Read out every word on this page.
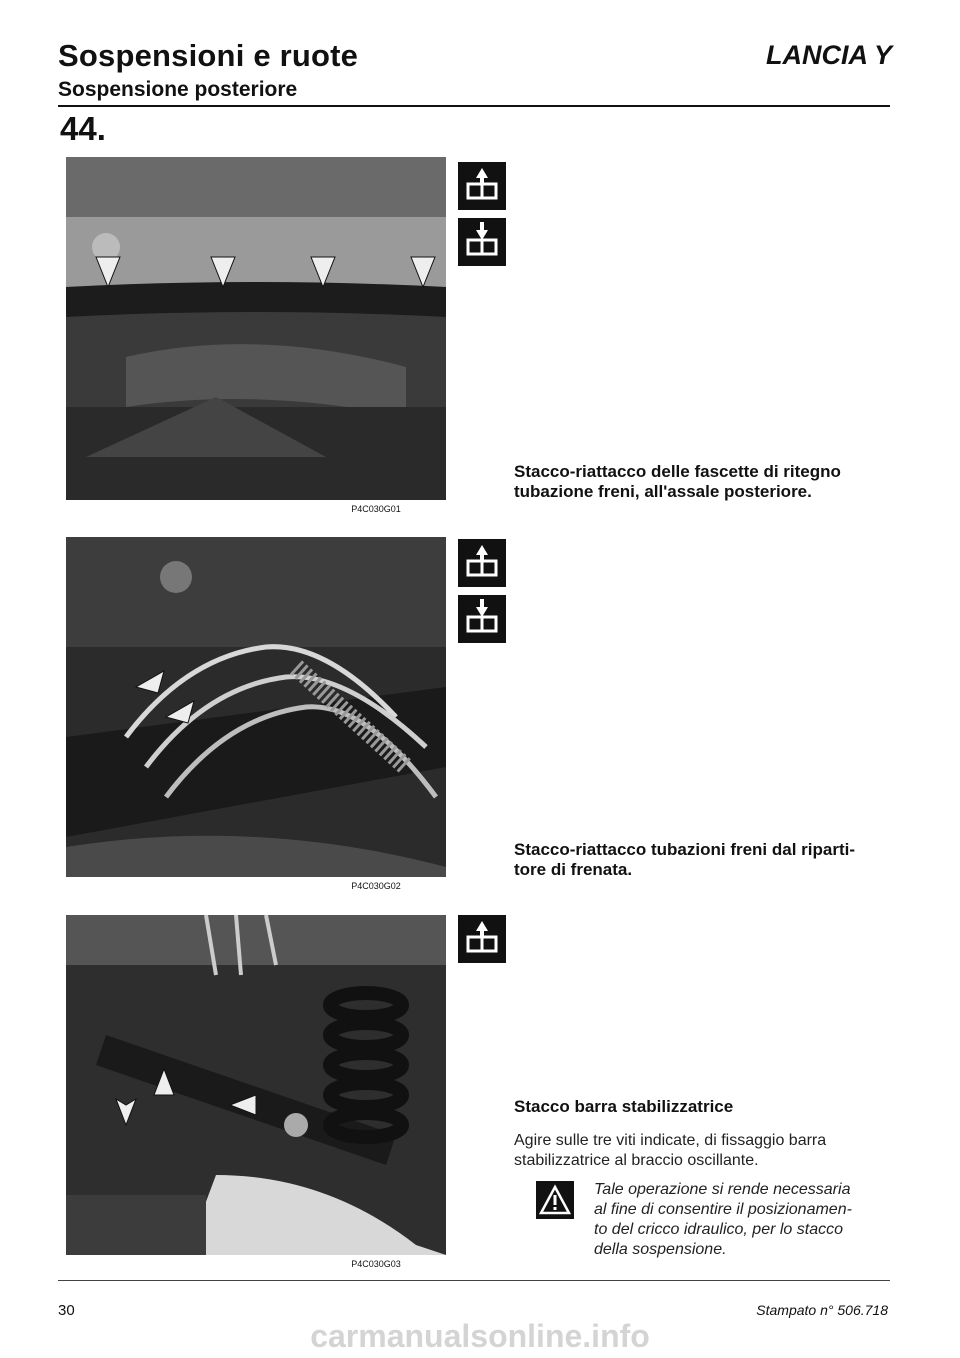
Sospensioni e ruote
Sospensione posteriore
LANCIA Y
44.
P4C030G01
Stacco-riattacco delle fascette di ritegno
tubazione freni, all'assale posteriore.
P4C030G02
Stacco-riattacco tubazioni freni dal riparti-
tore di frenata.
P4C030G03
Stacco barra stabilizzatrice
Agire sulle tre viti indicate, di fissaggio barra
stabilizzatrice al braccio oscillante.
Tale operazione si rende necessaria
al fine di consentire il posizionamen-
to del cricco idraulico, per lo stacco
della sospensione.
30	Stampato n° 506.718
carmanualsonline.info
